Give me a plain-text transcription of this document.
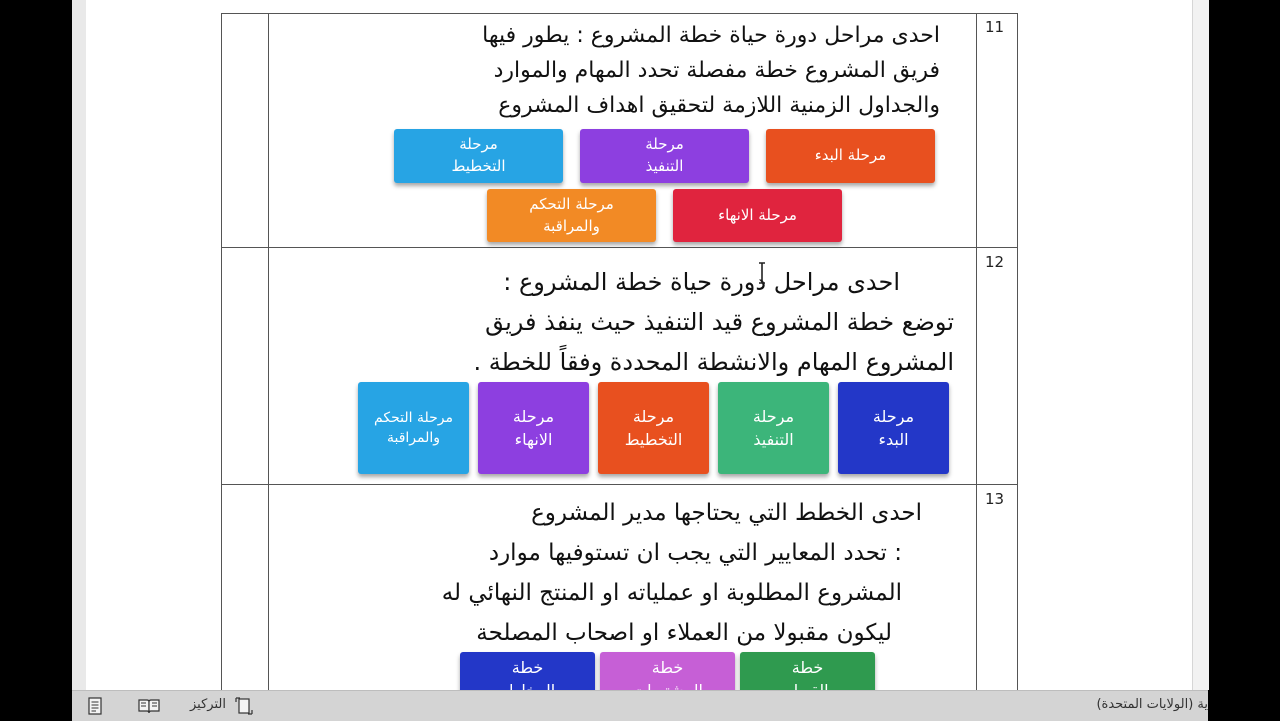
11
احدى مراحل دورة حياة خطة المشروع : يطور فيها
فريق المشروع خطة مفصلة تحدد المهام والموارد
والجداول الزمنية اللازمة لتحقيق اهداف المشروع
مرحلة البدء
مرحلة
التنفيذ
مرحلة
التخطيط
مرحلة الانهاء
مرحلة التحكم
والمراقبة
12
احدى مراحل دورة حياة خطة المشروع :
توضع خطة المشروع قيد التنفيذ حيث ينفذ فريق
المشروع المهام والانشطة المحددة وفقاً للخطة .
مرحلة
البدء
مرحلة
التنفيذ
مرحلة
التخطيط
مرحلة
الانهاء
مرحلة التحكم
والمراقبة
13
احدى الخطط التي يحتاجها مدير المشروع
: تحدد المعايير التي يجب ان تستوفيها موارد
المشروع المطلوبة او عملياته او المنتج النهائي له
ليكون مقبولا من العملاء او اصحاب المصلحة
خطة
خطة
خطة
التركيز	ية (الولايات المتحدة)
